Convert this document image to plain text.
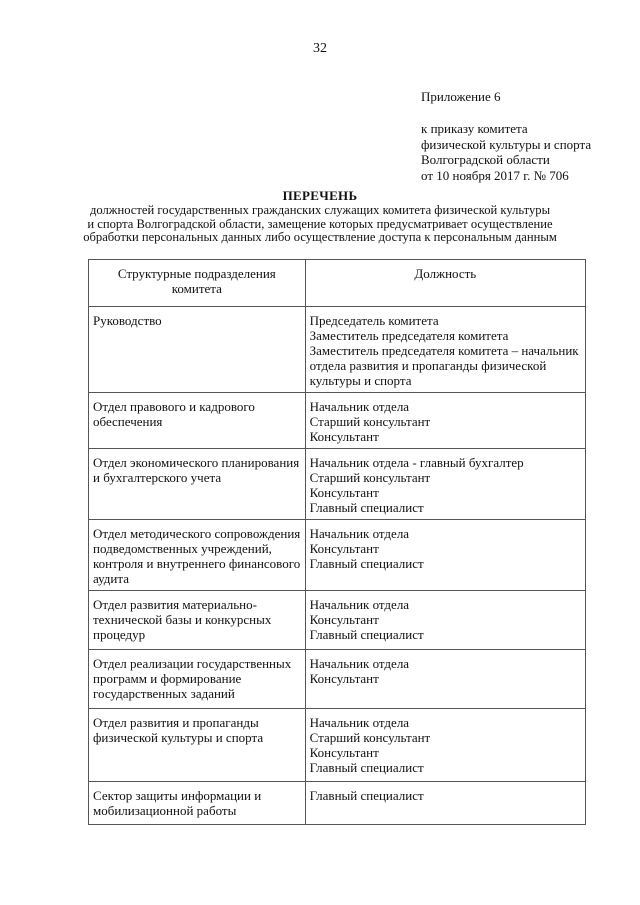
32
Приложение 6
к приказу комитета
физической культуры и спорта
Волгоградской области
от 10 ноября 2017 г. № 706
ПЕРЕЧЕНЬ
должностей государственных гражданских служащих комитета физической культуры
и спорта Волгоградской области, замещение которых предусматривает осуществление
обработки персональных данных либо осуществление доступа к персональным данным
Структурные подразделения комитета	Должность
Руководство	Председатель комитета
Заместитель председателя комитета
Заместитель председателя комитета – начальник отдела развития и пропаганды физической культуры и спорта

Отдел правового и кадрового обеспечения	Начальник отдела
Старший консультант
Консультант

Отдел экономического планирования и бухгалтерского учета	Начальник отдела - главный бухгалтер
Старший консультант
Консультант
Главный специалист

Отдел методического сопровождения подведомственных учреждений, контроля и внутреннего финансового аудита	Начальник отдела
Консультант
Главный специалист

Отдел развития материально-технической базы и конкурсных процедур	Начальник отдела
Консультант
Главный специалист

Отдел реализации государственных программ и формирование государственных заданий	Начальник отдела
Консультант

Отдел развития и пропаганды физической культуры и спорта	Начальник отдела
Старший консультант
Консультант
Главный специалист

Сектор защиты информации и мобилизационной работы	Главный специалист
